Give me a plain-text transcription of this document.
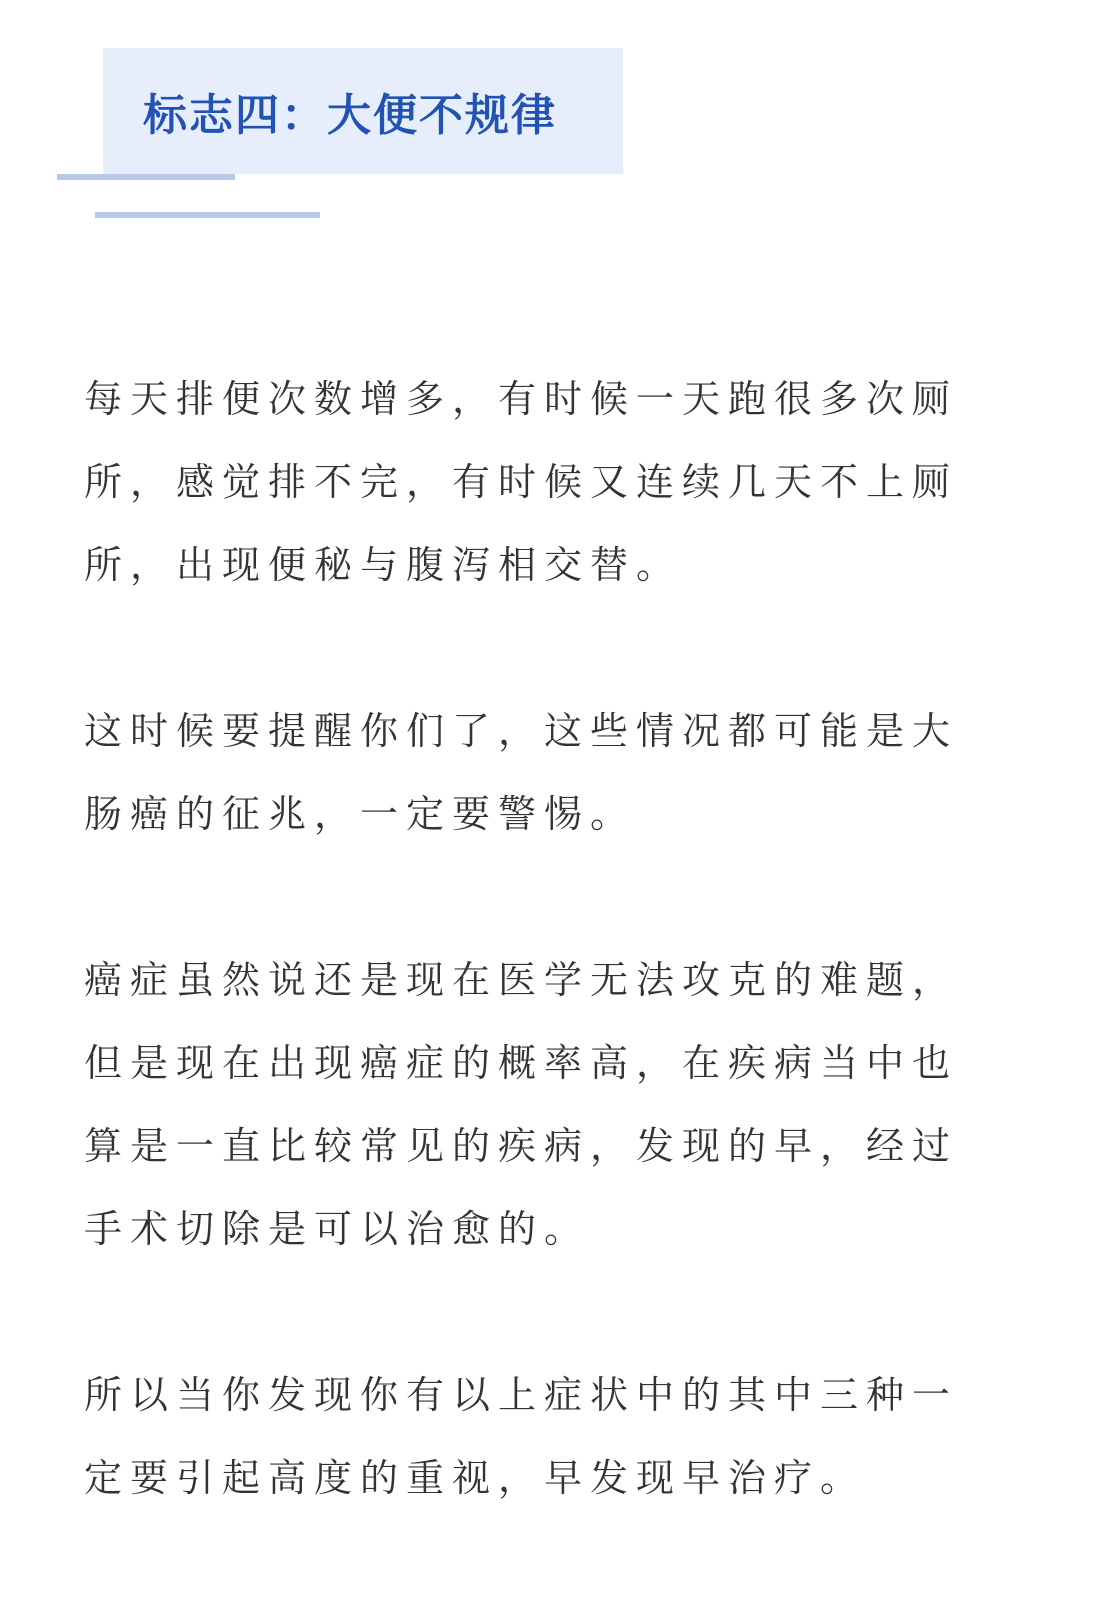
标志四：大便不规律

每天排便次数增多，有时候一天跑很多次厕所，感觉排不完，有时候又连续几天不上厕所，出现便秘与腹泻相交替。

这时候要提醒你们了，这些情况都可能是大肠癌的征兆，一定要警惕。

癌症虽然说还是现在医学无法攻克的难题，但是现在出现癌症的概率高，在疾病当中也算是一直比较常见的疾病，发现的早，经过手术切除是可以治愈的。

所以当你发现你有以上症状中的其中三种一定要引起高度的重视，早发现早治疗。
